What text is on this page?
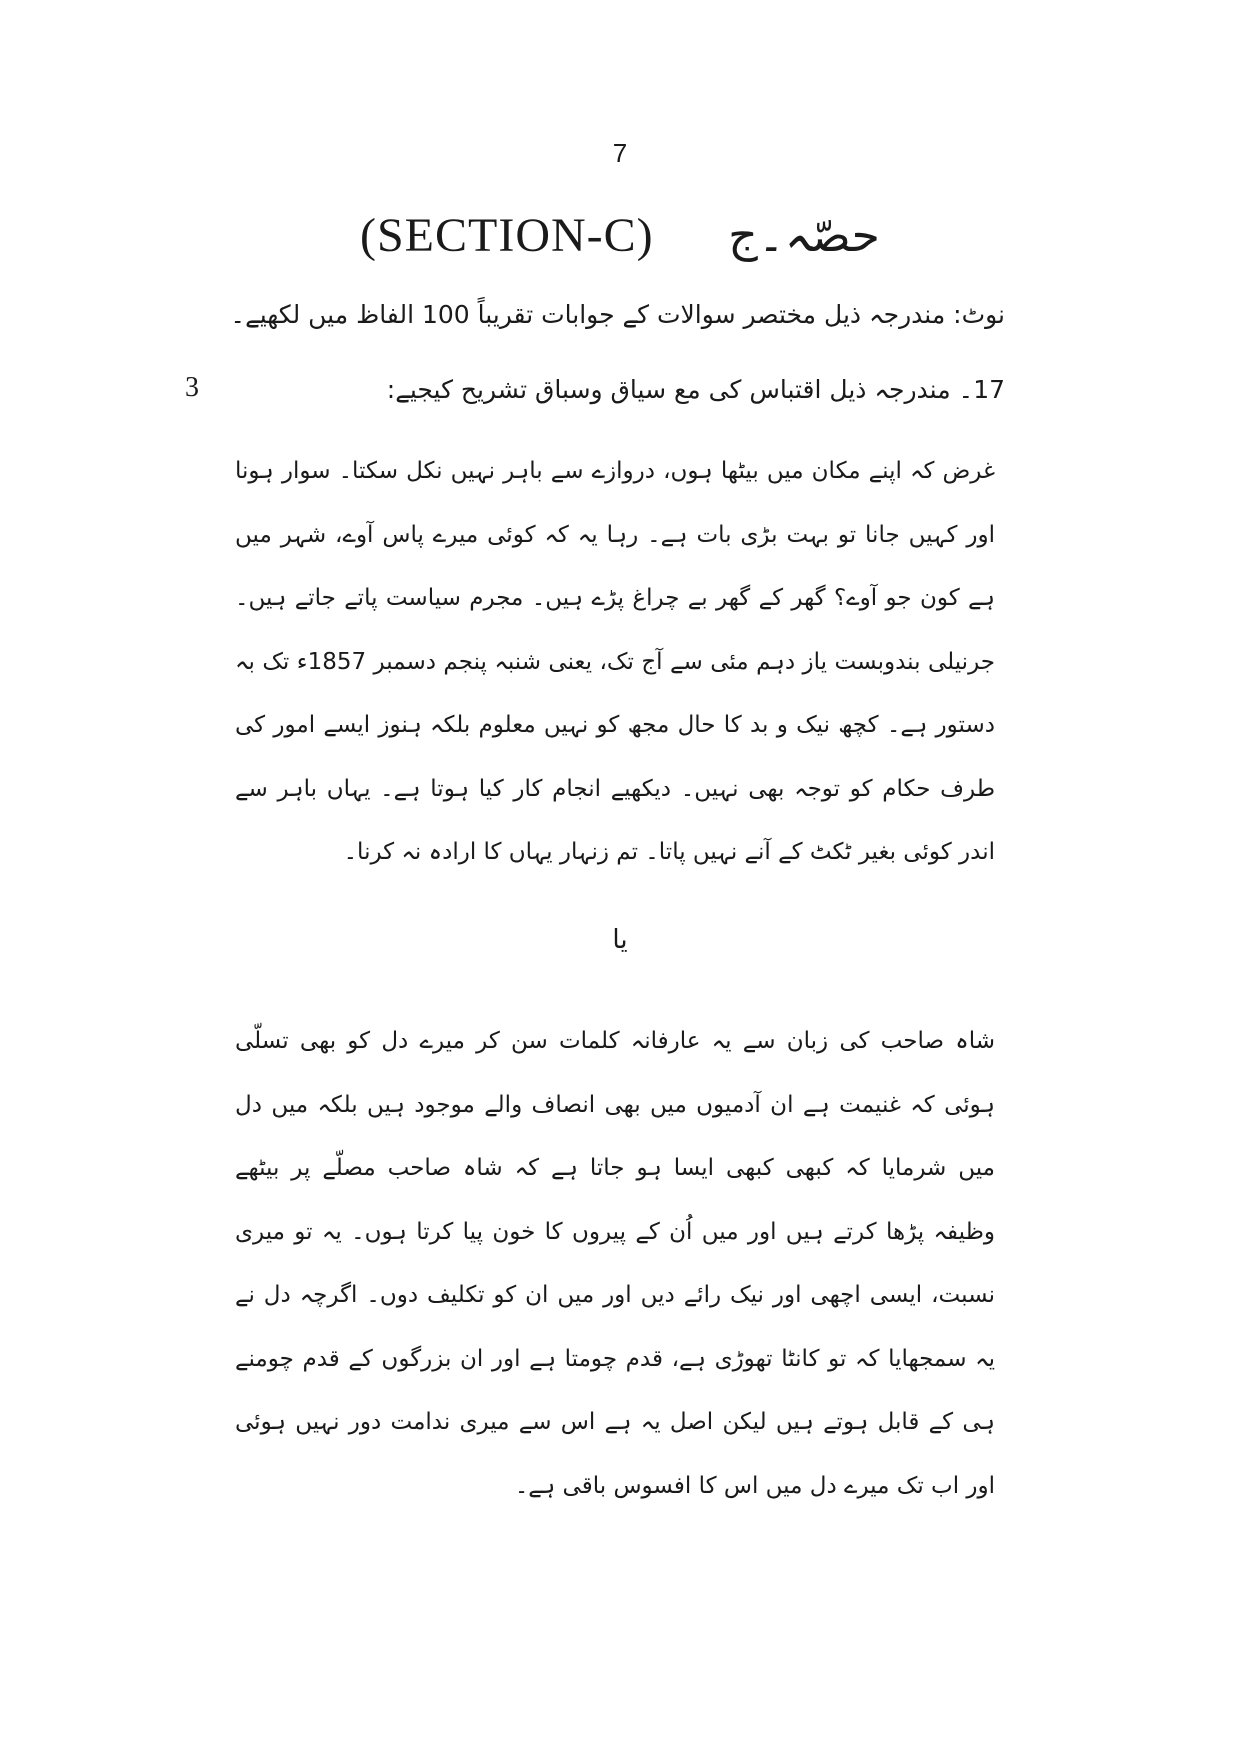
7
(SECTION-C) حصّہ۔ج
نوٹ: مندرجہ ذیل مختصر سوالات کے جوابات تقریباً 100 الفاظ میں لکھیے۔
17۔ مندرجہ ذیل اقتباس کی مع سیاق وسباق تشریح کیجیے:
3
غرض کہ اپنے مکان میں بیٹھا ہوں، دروازے سے باہر نہیں نکل سکتا۔ سوار ہونا اور کہیں جانا تو بہت بڑی بات ہے۔ رہا یہ کہ کوئی میرے پاس آوے، شہر میں ہے کون جو آوے؟ گھر کے گھر بے چراغ پڑے ہیں۔ مجرم سیاست پاتے جاتے ہیں۔ جرنیلی بندوبست یاز دہم مئی سے آج تک، یعنی شنبہ پنجم دسمبر 1857ء تک بہ دستور ہے۔ کچھ نیک و بد کا حال مجھ کو نہیں معلوم بلکہ ہنوز ایسے امور کی طرف حکام کو توجہ بھی نہیں۔ دیکھیے انجام کار کیا ہوتا ہے۔ یہاں باہر سے اندر کوئی بغیر ٹکٹ کے آنے نہیں پاتا۔ تم زنہار یہاں کا ارادہ نہ کرنا۔
یا
شاہ صاحب کی زبان سے یہ عارفانہ کلمات سن کر میرے دل کو بھی تسلّی ہوئی کہ غنیمت ہے ان آدمیوں میں بھی انصاف والے موجود ہیں بلکہ میں دل میں شرمایا کہ کبھی کبھی ایسا ہو جاتا ہے کہ شاہ صاحب مصلّے پر بیٹھے وظیفہ پڑھا کرتے ہیں اور میں اُن کے پیروں کا خون پیا کرتا ہوں۔ یہ تو میری نسبت، ایسی اچھی اور نیک رائے دیں اور میں ان کو تکلیف دوں۔ اگرچہ دل نے یہ سمجھایا کہ تو کانٹا تھوڑی ہے، قدم چومتا ہے اور ان بزرگوں کے قدم چومنے ہی کے قابل ہوتے ہیں لیکن اصل یہ ہے اس سے میری ندامت دور نہیں ہوئی اور اب تک میرے دل میں اس کا افسوس باقی ہے۔
